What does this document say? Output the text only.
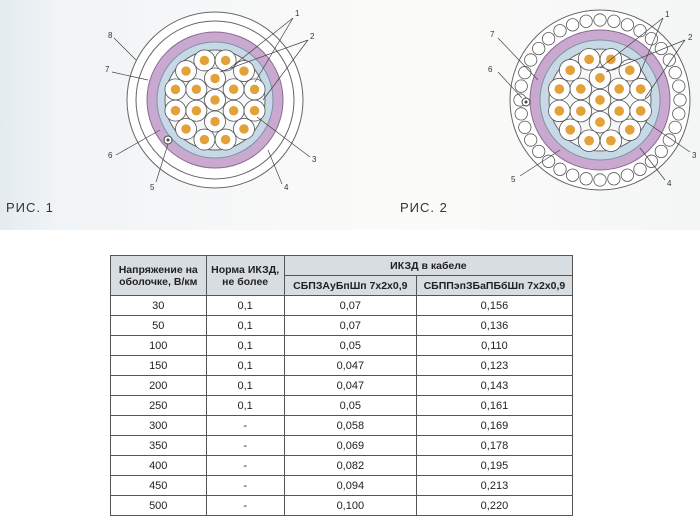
1
2
3
4
5
6
7
8
1
2
3
4
5
6
7
РИС. 1	РИС. 2
Напряжение на оболочке, В/км	Норма ИКЗД, не более	ИКЗД в кабеле	
		СБПЗАуБпШп 7х2х0,9	СБППэпЗБаПБбШп 7х2х0,9
30	0,1	0,07	0,156
50	0,1	0,07	0,136
100	0,1	0,05	0,110
150	0,1	0,047	0,123
200	0,1	0,047	0,143
250	0,1	0,05	0,161
300	-	0,058	0,169
350	-	0,069	0,178
400	-	0,082	0,195
450	-	0,094	0,213
500	-	0,100	0,220
